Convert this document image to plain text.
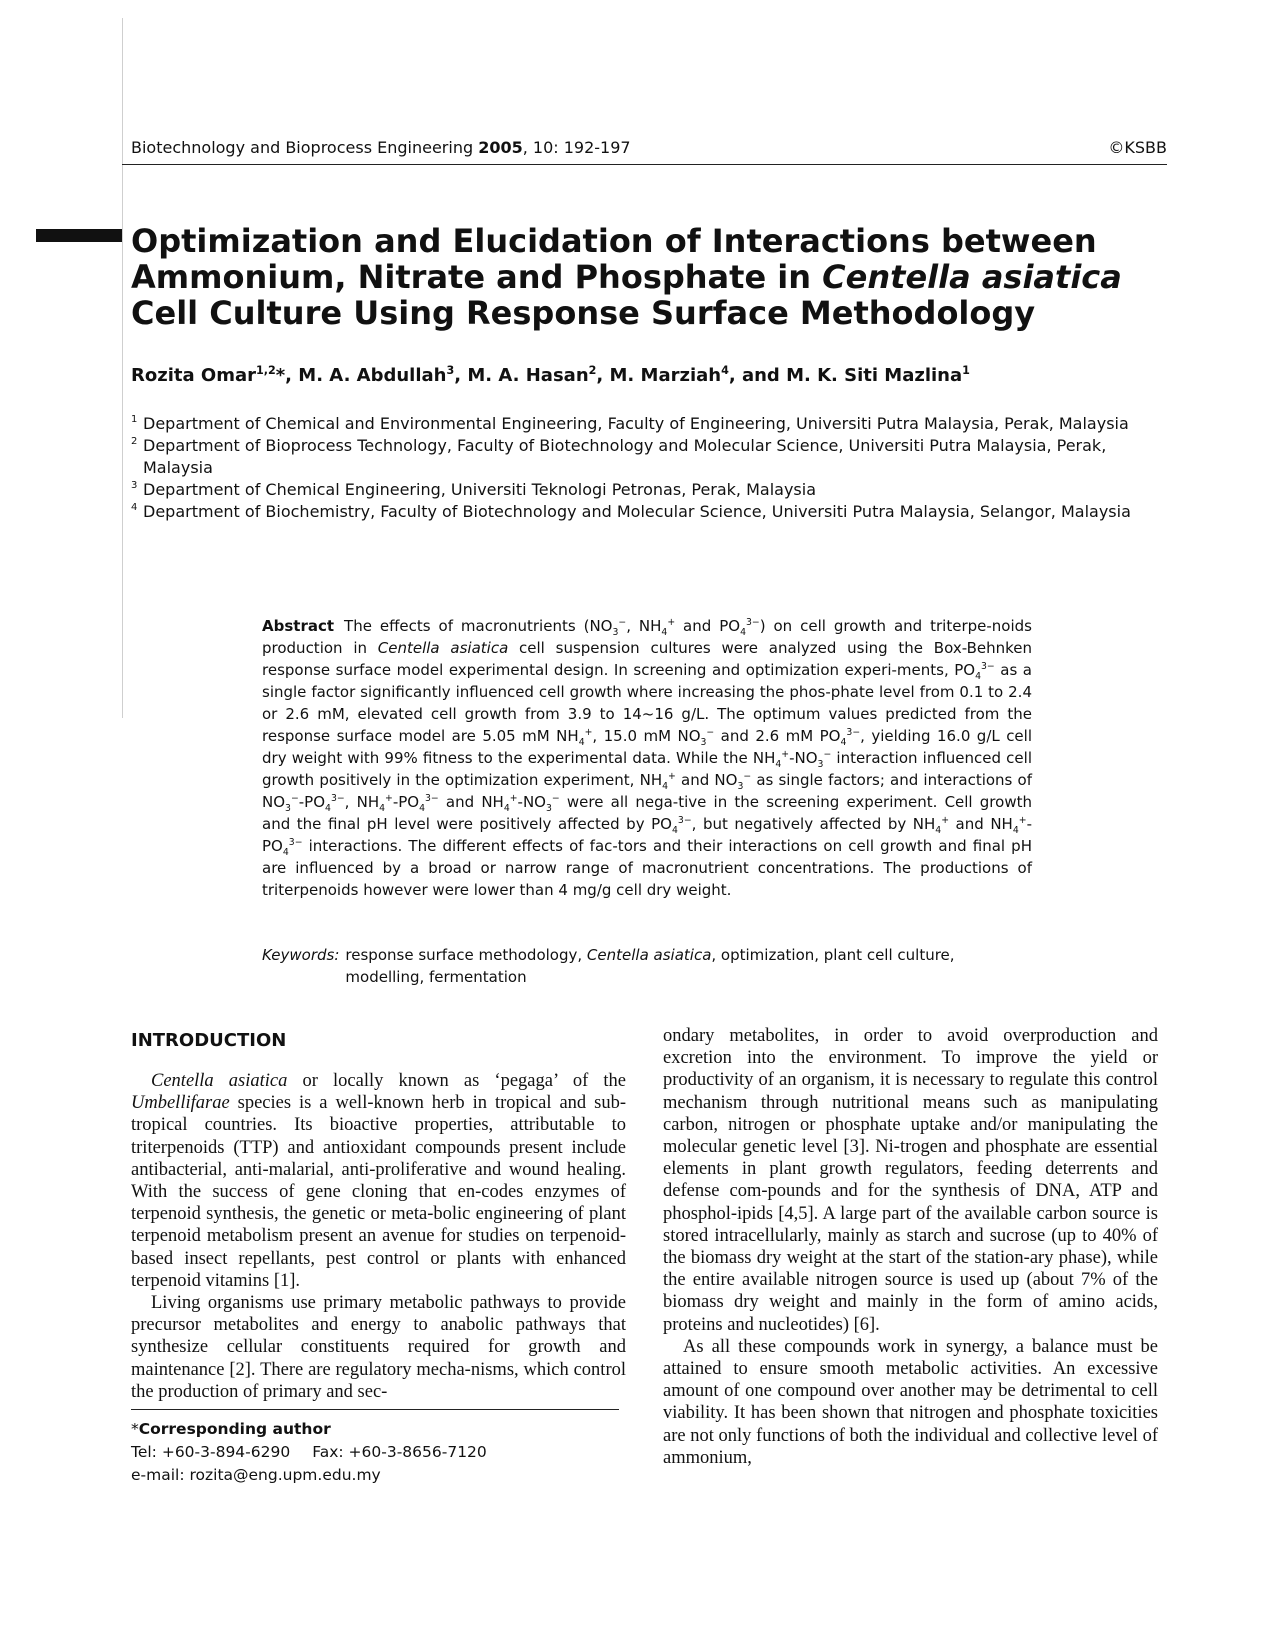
Biotechnology and Bioprocess Engineering 2005, 10: 192-197	©KSBB
Optimization and Elucidation of Interactions between Ammonium, Nitrate and Phosphate in Centella asiatica Cell Culture Using Response Surface Methodology

Rozita Omar$^{1,2}$*, M. A. Abdullah$^3$, M. A. Hasan$^2$, M. Marziah$^4$, and M. K. Siti Mazlina$^1$

1 Department of Chemical and Environmental Engineering, Faculty of Engineering, Universiti Putra Malaysia, Perak, Malaysia
2 Department of Bioprocess Technology, Faculty of Biotechnology and Molecular Science, Universiti Putra Malaysia, Perak, Malaysia
3 Department of Chemical Engineering, Universiti Teknologi Petronas, Perak, Malaysia
4 Department of Biochemistry, Faculty of Biotechnology and Molecular Science, Universiti Putra Malaysia, Selangor, Malaysia

Abstract The effects of macronutrients ($NO_3^-$, $NH_4^+$ and $PO_4^{3-}$) on cell growth and triterpe-noids production in Centella asiatica cell suspension cultures were analyzed using the Box-Behnken response surface model experimental design. In screening and optimization experi-ments, $PO_4^{3-}$ as a single factor significantly influenced cell growth where increasing the phos-phate level from 0.1 to 2.4 or 2.6 mM, elevated cell growth from 3.9 to 14~16 g/L. The optimum values predicted from the response surface model are 5.05 mM $NH_4^+$, 15.0 mM $NO_3^-$ and 2.6 mM $PO_4^{3-}$, yielding 16.0 g/L cell dry weight with 99% fitness to the experimental data. While the $NH_4^+-NO_3^-$ interaction influenced cell growth positively in the optimization experiment, $NH_4^+$ and $NO_3^-$ as single factors; and interactions of $NO_3^--PO_4^{3-}$, $NH_4^+-PO_4^{3-}$ and $NH_4^+-NO_3^-$ were all nega-tive in the screening experiment. Cell growth and the final pH level were positively affected by $PO_4^{3-}$, but negatively affected by $NH_4^+$ and $NH_4^+-PO_4^{3-}$ interactions. The different effects of fac-tors and their interactions on cell growth and final pH are influenced by a broad or narrow range of macronutrient concentrations. The productions of triterpenoids however were lower than 4 mg/g cell dry weight.

Keywords: response surface methodology, Centella asiatica, optimization, plant cell culture, modelling, fermentation
INTRODUCTION

Centella asiatica or locally known as ‘pegaga’ of the Umbellifarae species is a well-known herb in tropical and sub-tropical countries. Its bioactive properties, attributable to triterpenoids (TTP) and antioxidant compounds present include antibacterial, anti-malarial, anti-proliferative and wound healing. With the success of gene cloning that en-codes enzymes of terpenoid synthesis, the genetic or meta-bolic engineering of plant terpenoid metabolism present an avenue for studies on terpenoid-based insect repellants, pest control or plants with enhanced terpenoid vitamins [1].

Living organisms use primary metabolic pathways to provide precursor metabolites and energy to anabolic pathways that synthesize cellular constituents required for growth and maintenance [2]. There are regulatory mecha-nisms, which control the production of primary and sec-

ondary metabolites, in order to avoid overproduction and excretion into the environment. To improve the yield or productivity of an organism, it is necessary to regulate this control mechanism through nutritional means such as manipulating carbon, nitrogen or phosphate uptake and/or manipulating the molecular genetic level [3]. Ni-trogen and phosphate are essential elements in plant growth regulators, feeding deterrents and defense com-pounds and for the synthesis of DNA, ATP and phosphol-ipids [4,5]. A large part of the available carbon source is stored intracellularly, mainly as starch and sucrose (up to 40% of the biomass dry weight at the start of the station-ary phase), while the entire available nitrogen source is used up (about 7% of the biomass dry weight and mainly in the form of amino acids, proteins and nucleotides) [6].

As all these compounds work in synergy, a balance must be attained to ensure smooth metabolic activities. An excessive amount of one compound over another may be detrimental to cell viability. It has been shown that nitrogen and phosphate toxicities are not only functions of both the individual and collective level of ammonium,

*Corresponding author
Tel: +60-3-894-6290 Fax: +60-3-8656-7120
e-mail: rozita@eng.upm.edu.my
